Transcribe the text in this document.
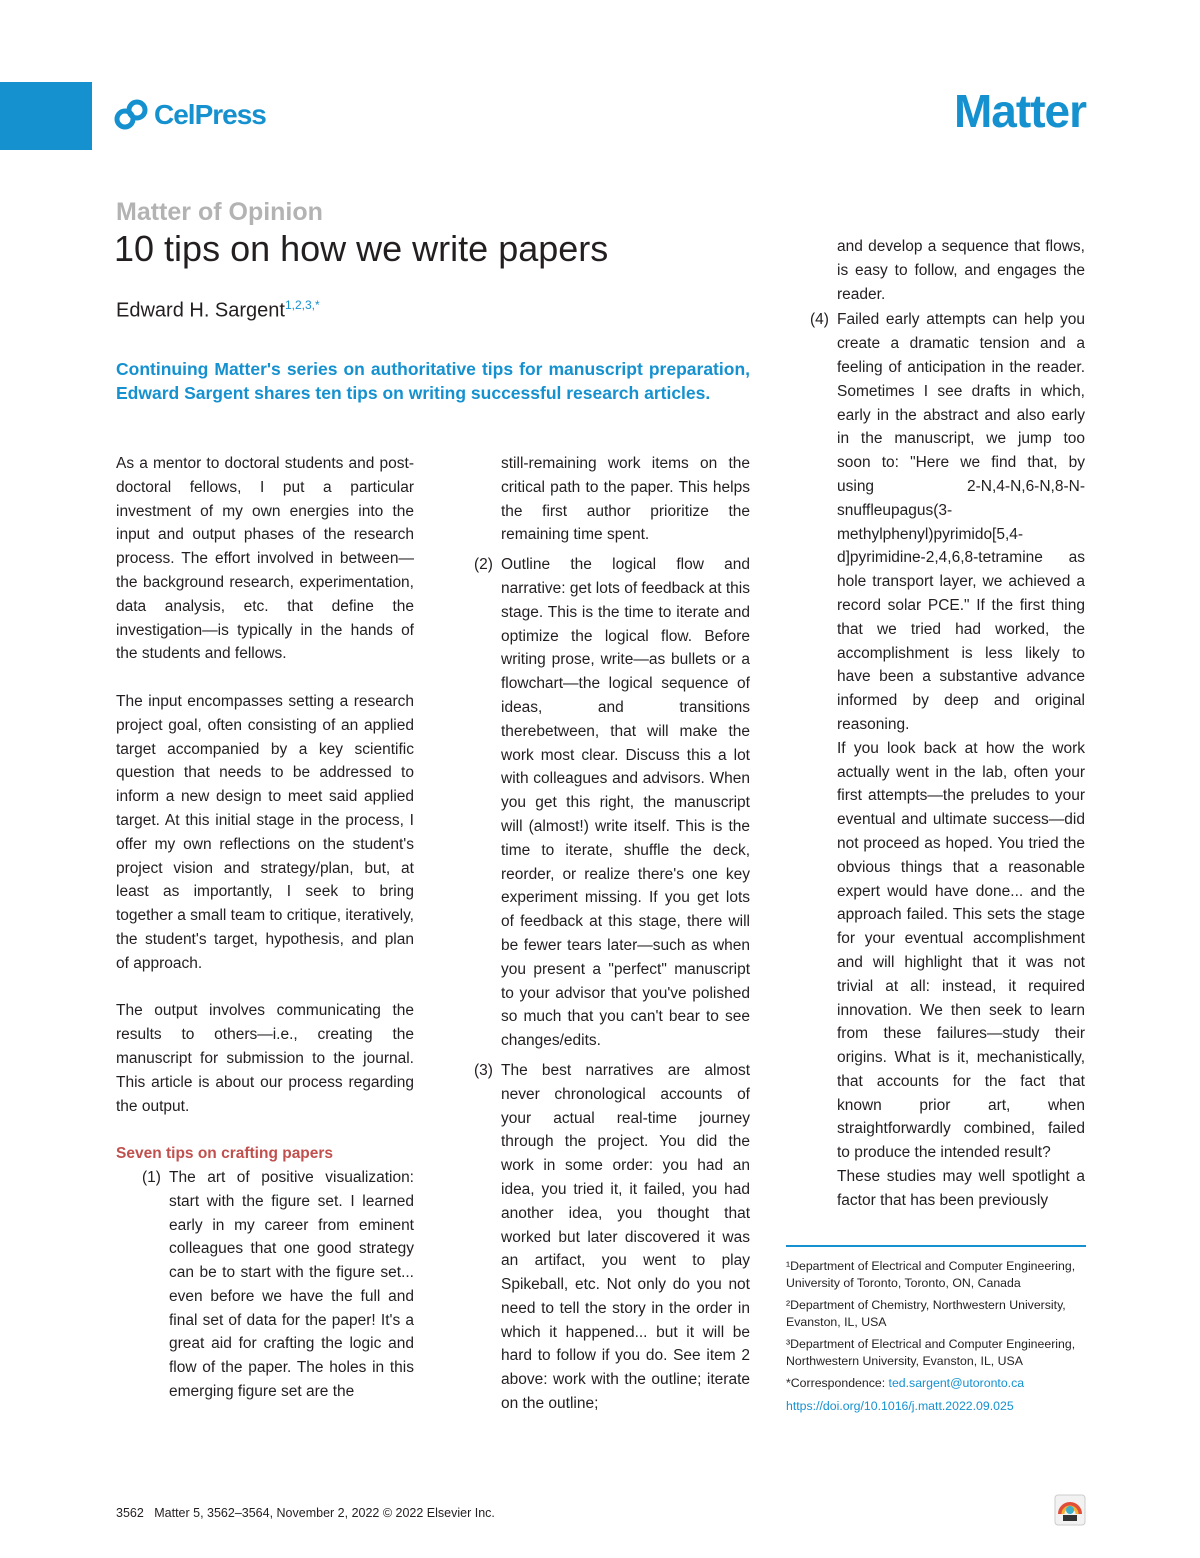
CelPress	Matter
Matter of Opinion
10 tips on how we write papers
Edward H. Sargent$^{1,2,3,*}$
Continuing Matter's series on authoritative tips for manuscript preparation, Edward Sargent shares ten tips on writing successful research articles.

As a mentor to doctoral students and post-doctoral fellows, I put a particular investment of my own energies into the input and output phases of the research process. The effort involved in between—the background research, experimentation, data analysis, etc. that define the investigation—is typically in the hands of the students and fellows.

The input encompasses setting a research project goal, often consisting of an applied target accompanied by a key scientific question that needs to be addressed to inform a new design to meet said applied target. At this initial stage in the process, I offer my own reflections on the student's project vision and strategy/plan, but, at least as importantly, I seek to bring together a small team to critique, iteratively, the student's target, hypothesis, and plan of approach.

The output involves communicating the results to others—i.e., creating the manuscript for submission to the journal. This article is about our process regarding the output.

Seven tips on crafting papers

(1) The art of positive visualization: start with the figure set. I learned early in my career from eminent colleagues that one good strategy can be to start with the figure set... even before we have the full and final set of data for the paper! It's a great aid for crafting the logic and flow of the paper. The holes in this emerging figure set are the
still-remaining work items on the critical path to the paper. This helps the first author prioritize the remaining time spent.
(2) Outline the logical flow and narrative: get lots of feedback at this stage. This is the time to iterate and optimize the logical flow. Before writing prose, write—as bullets or a flowchart—the logical sequence of ideas, and transitions therebetween, that will make the work most clear. Discuss this a lot with colleagues and advisors. When you get this right, the manuscript will (almost!) write itself. This is the time to iterate, shuffle the deck, reorder, or realize there's one key experiment missing. If you get lots of feedback at this stage, there will be fewer tears later—such as when you present a "perfect" manuscript to your advisor that you've polished so much that you can't bear to see changes/edits.
(3) The best narratives are almost never chronological accounts of your actual real-time journey through the project. You did the work in some order: you had an idea, you tried it, it failed, you had another idea, you thought that worked but later discovered it was an artifact, you went to play Spikeball, etc. Not only do you not need to tell the story in the order in which it happened... but it will be hard to follow if you do. See item 2 above: work with the outline; iterate on the outline;
and develop a sequence that flows, is easy to follow, and engages the reader.
(4) Failed early attempts can help you create a dramatic tension and a feeling of anticipation in the reader. Sometimes I see drafts in which, early in the abstract and also early in the manuscript, we jump too soon to: "Here we find that, by using 2-N,4-N,6-N,8-N-snuffleupagus(3-methylphenyl)pyrimido[5,4-d]pyrimidine-2,4,6,8-tetramine as hole transport layer, we achieved a record solar PCE." If the first thing that we tried had worked, the accomplishment is less likely to have been a substantive advance informed by deep and original reasoning.
If you look back at how the work actually went in the lab, often your first attempts—the preludes to your eventual and ultimate success—did not proceed as hoped. You tried the obvious things that a reasonable expert would have done... and the approach failed. This sets the stage for your eventual accomplishment and will highlight that it was not trivial at all: instead, it required innovation. We then seek to learn from these failures—study their origins. What is it, mechanistically, that accounts for the fact that known prior art, when straightforwardly combined, failed to produce the intended result?
These studies may well spotlight a factor that has been previously

¹Department of Electrical and Computer Engineering, University of Toronto, Toronto, ON, Canada

²Department of Chemistry, Northwestern University, Evanston, IL, USA

³Department of Electrical and Computer Engineering, Northwestern University, Evanston, IL, USA

*Correspondence: ted.sargent@utoronto.ca

https://doi.org/10.1016/j.matt.2022.09.025

3562   Matter 5, 3562–3564, November 2, 2022 © 2022 Elsevier Inc.
